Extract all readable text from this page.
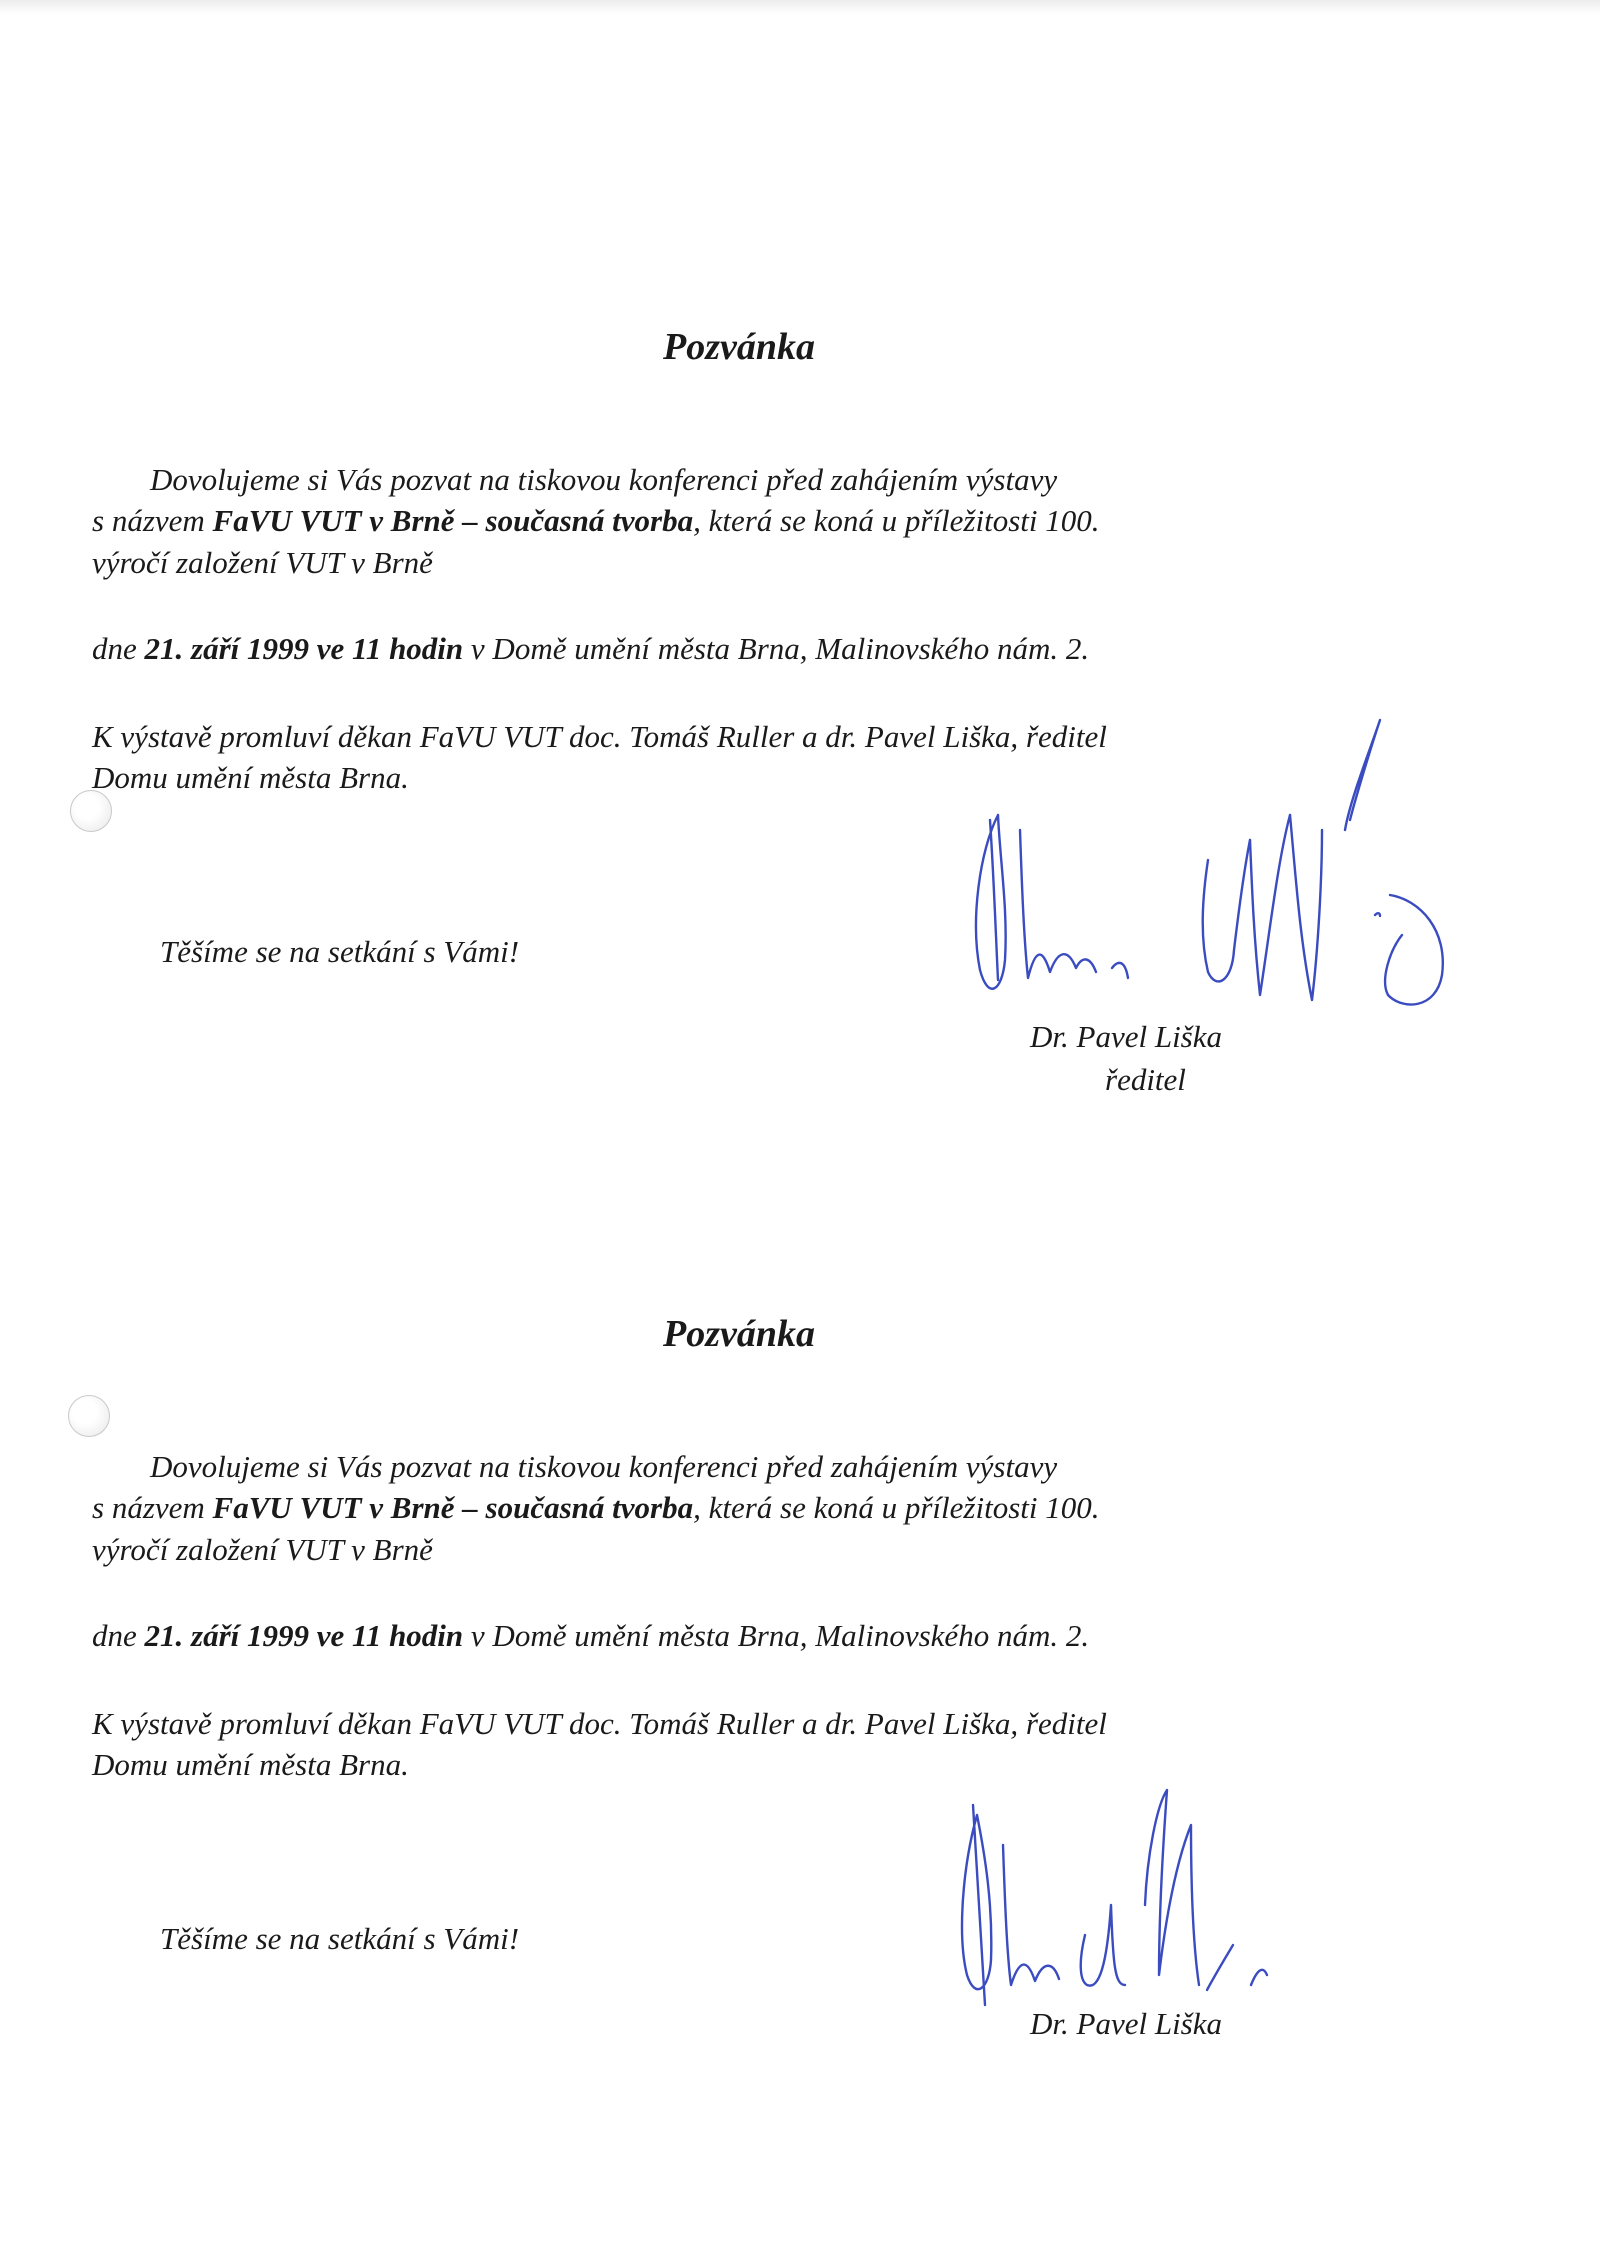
Pozvánka
Dovolujeme si Vás pozvat na tiskovou konferenci před zahájením výstavy
s názvem FaVU VUT v Brně – současná tvorba, která se koná u příležitosti 100.
výročí založení VUT v Brně
dne 21. září 1999 ve 11 hodin v Domě umění města Brna, Malinovského nám. 2.
K výstavě promluví děkan FaVU VUT doc. Tomáš Ruller a dr. Pavel Liška, ředitel
Domu umění města Brna.
Těšíme se na setkání s Vámi!
Dr. Pavel Liška
ředitel
Pozvánka
Dovolujeme si Vás pozvat na tiskovou konferenci před zahájením výstavy
s názvem FaVU VUT v Brně – současná tvorba, která se koná u příležitosti 100.
výročí založení VUT v Brně
dne 21. září 1999 ve 11 hodin v Domě umění města Brna, Malinovského nám. 2.
K výstavě promluví děkan FaVU VUT doc. Tomáš Ruller a dr. Pavel Liška, ředitel
Domu umění města Brna.
Těšíme se na setkání s Vámi!
Dr. Pavel Liška
